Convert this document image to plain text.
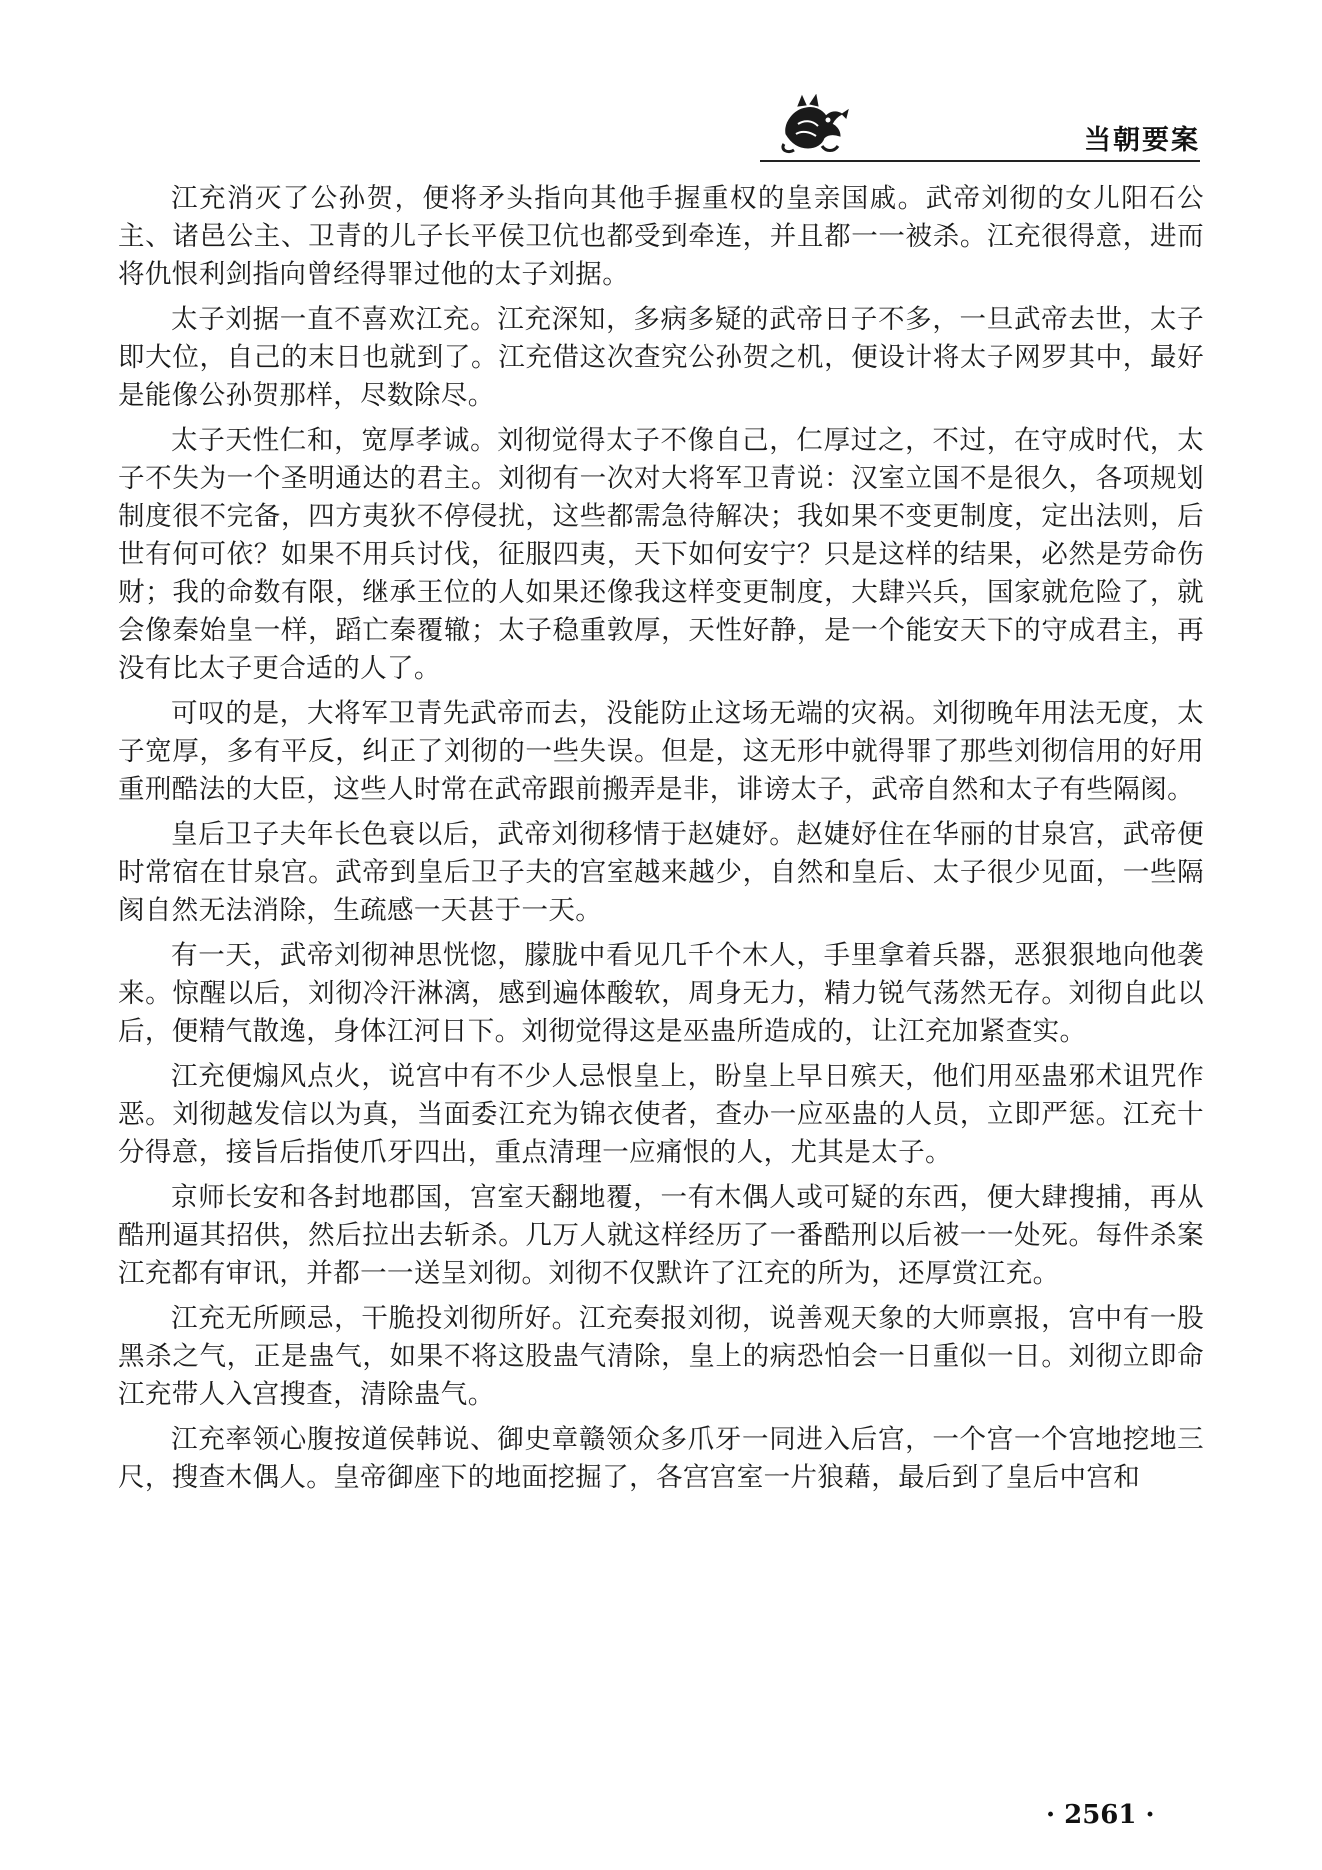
当朝要案

江充消灭了公孙贺，便将矛头指向其他手握重权的皇亲国戚。武帝刘彻的女儿阳石公主、诸邑公主、卫青的儿子长平侯卫伉也都受到牵连，并且都一一被杀。江充很得意，进而将仇恨利剑指向曾经得罪过他的太子刘据。

太子刘据一直不喜欢江充。江充深知，多病多疑的武帝日子不多，一旦武帝去世，太子即大位，自己的末日也就到了。江充借这次查究公孙贺之机，便设计将太子网罗其中，最好是能像公孙贺那样，尽数除尽。

太子天性仁和，宽厚孝诚。刘彻觉得太子不像自己，仁厚过之，不过，在守成时代，太子不失为一个圣明通达的君主。刘彻有一次对大将军卫青说：汉室立国不是很久，各项规划制度很不完备，四方夷狄不停侵扰，这些都需急待解决；我如果不变更制度，定出法则，后世有何可依？如果不用兵讨伐，征服四夷，天下如何安宁？只是这样的结果，必然是劳命伤财；我的命数有限，继承王位的人如果还像我这样变更制度，大肆兴兵，国家就危险了，就会像秦始皇一样，蹈亡秦覆辙；太子稳重敦厚，天性好静，是一个能安天下的守成君主，再没有比太子更合适的人了。

可叹的是，大将军卫青先武帝而去，没能防止这场无端的灾祸。刘彻晚年用法无度，太子宽厚，多有平反，纠正了刘彻的一些失误。但是，这无形中就得罪了那些刘彻信用的好用重刑酷法的大臣，这些人时常在武帝跟前搬弄是非，诽谤太子，武帝自然和太子有些隔阂。

皇后卫子夫年长色衰以后，武帝刘彻移情于赵婕妤。赵婕妤住在华丽的甘泉宫，武帝便时常宿在甘泉宫。武帝到皇后卫子夫的宫室越来越少，自然和皇后、太子很少见面，一些隔阂自然无法消除，生疏感一天甚于一天。

有一天，武帝刘彻神思恍惚，朦胧中看见几千个木人，手里拿着兵器，恶狠狠地向他袭来。惊醒以后，刘彻冷汗淋漓，感到遍体酸软，周身无力，精力锐气荡然无存。刘彻自此以后，便精气散逸，身体江河日下。刘彻觉得这是巫蛊所造成的，让江充加紧查实。

江充便煽风点火，说宫中有不少人忌恨皇上，盼皇上早日殡天，他们用巫蛊邪术诅咒作恶。刘彻越发信以为真，当面委江充为锦衣使者，查办一应巫蛊的人员，立即严惩。江充十分得意，接旨后指使爪牙四出，重点清理一应痛恨的人，尤其是太子。

京师长安和各封地郡国，宫室天翻地覆，一有木偶人或可疑的东西，便大肆搜捕，再从酷刑逼其招供，然后拉出去斩杀。几万人就这样经历了一番酷刑以后被一一处死。每件杀案江充都有审讯，并都一一送呈刘彻。刘彻不仅默许了江充的所为，还厚赏江充。

江充无所顾忌，干脆投刘彻所好。江充奏报刘彻，说善观天象的大师禀报，宫中有一股黑杀之气，正是蛊气，如果不将这股蛊气清除，皇上的病恐怕会一日重似一日。刘彻立即命江充带人入宫搜查，清除蛊气。

江充率领心腹按道侯韩说、御史章赣领众多爪牙一同进入后宫，一个宫一个宫地挖地三尺，搜查木偶人。皇帝御座下的地面挖掘了，各宫宫室一片狼藉，最后到了皇后中宫和

· 2561 ·
